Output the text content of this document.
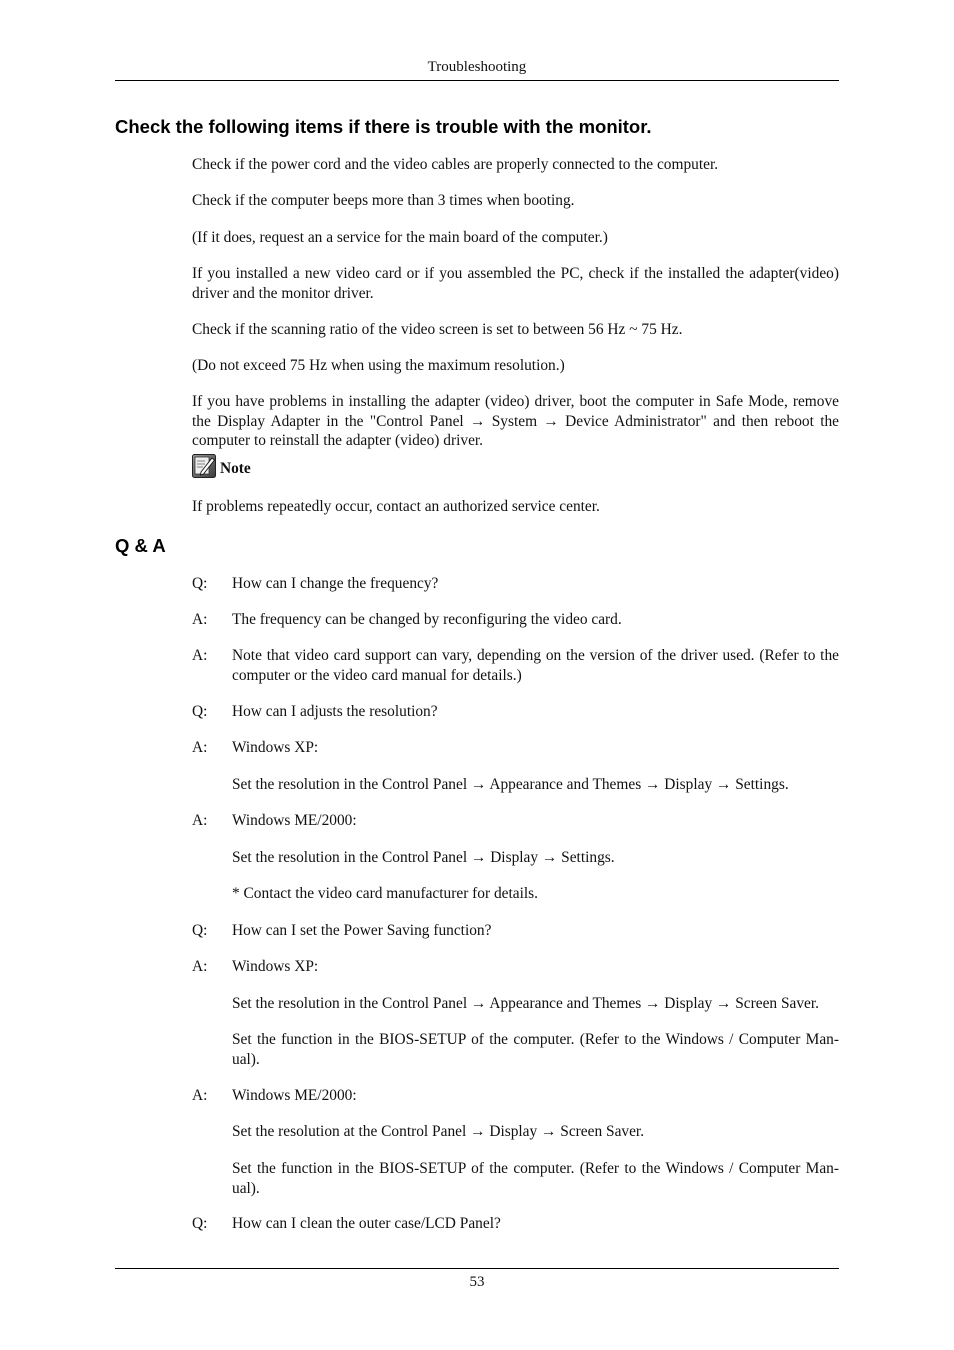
Troubleshooting
Check the following items if there is trouble with the monitor.
Check if the power cord and the video cables are properly connected to the computer.
Check if the computer beeps more than 3 times when booting.
(If it does, request an a service for the main board of the computer.)
If you installed a new video card or if you assembled the PC, check if the installed the adapter(video) driver and the monitor driver.
Check if the scanning ratio of the video screen is set to between 56 Hz ~ 75 Hz.
(Do not exceed 75 Hz when using the maximum resolution.)
If you have problems in installing the adapter (video) driver, boot the computer in Safe Mode, remove the Display Adapter in the "Control Panel → System → Device Administrator" and then reboot the computer to reinstall the adapter (video) driver.
Note
If problems repeatedly occur, contact an authorized service center.
Q & A
Q: How can I change the frequency?
A: The frequency can be changed by reconfiguring the video card.
A: Note that video card support can vary, depending on the version of the driver used. (Refer to the computer or the video card manual for details.)
Q: How can I adjusts the resolution?
A: Windows XP:
Set the resolution in the Control Panel → Appearance and Themes → Display → Settings.
A: Windows ME/2000:
Set the resolution in the Control Panel → Display → Settings.
* Contact the video card manufacturer for details.
Q: How can I set the Power Saving function?
A: Windows XP:
Set the resolution in the Control Panel → Appearance and Themes → Display → Screen Saver.
Set the function in the BIOS-SETUP of the computer. (Refer to the Windows / Computer Manual).
A: Windows ME/2000:
Set the resolution at the Control Panel → Display → Screen Saver.
Set the function in the BIOS-SETUP of the computer. (Refer to the Windows / Computer Manual).
Q: How can I clean the outer case/LCD Panel?
53
